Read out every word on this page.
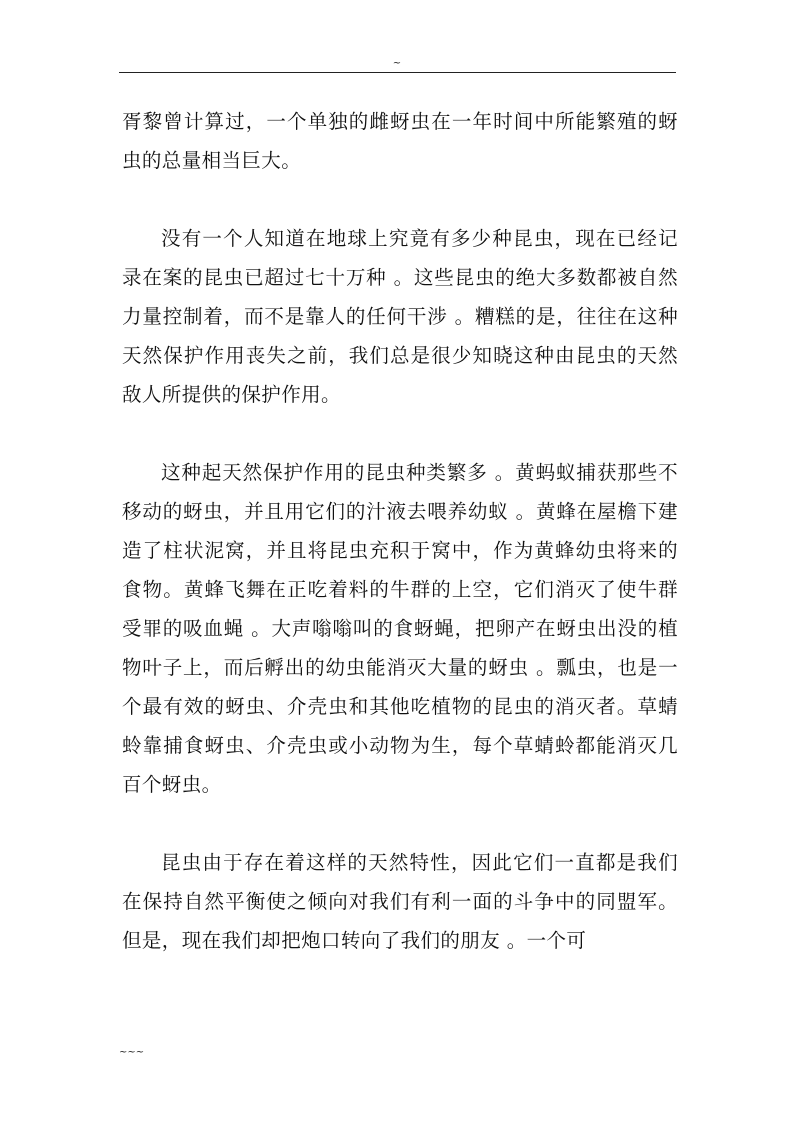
~

胥黎曾计算过，一个单独的雌蚜虫在一年时间中所能繁殖的蚜虫的总量相当巨大。

没有一个人知道在地球上究竟有多少种昆虫，现在已经记录在案的昆虫已超过七十万种 。这些昆虫的绝大多数都被自然力量控制着，而不是靠人的任何干涉 。糟糕的是，往往在这种天然保护作用丧失之前，我们总是很少知晓这种由昆虫的天然敌人所提供的保护作用。

这种起天然保护作用的昆虫种类繁多 。黄蚂蚁捕获那些不移动的蚜虫，并且用它们的汁液去喂养幼蚁 。黄蜂在屋檐下建造了柱状泥窝，并且将昆虫充积于窝中，作为黄蜂幼虫将来的食物。黄蜂飞舞在正吃着料的牛群的上空，它们消灭了使牛群受罪的吸血蝇 。大声嗡嗡叫的食蚜蝇，把卵产在蚜虫出没的植物叶子上，而后孵出的幼虫能消灭大量的蚜虫 。瓢虫，也是一个最有效的蚜虫、介壳虫和其他吃植物的昆虫的消灭者。草蜻蛉靠捕食蚜虫、介壳虫或小动物为生，每个草蜻蛉都能消灭几百个蚜虫。

昆虫由于存在着这样的天然特性，因此它们一直都是我们在保持自然平衡使之倾向对我们有利一面的斗争中的同盟军。但是，现在我们却把炮口转向了我们的朋友 。一个可

~~~
